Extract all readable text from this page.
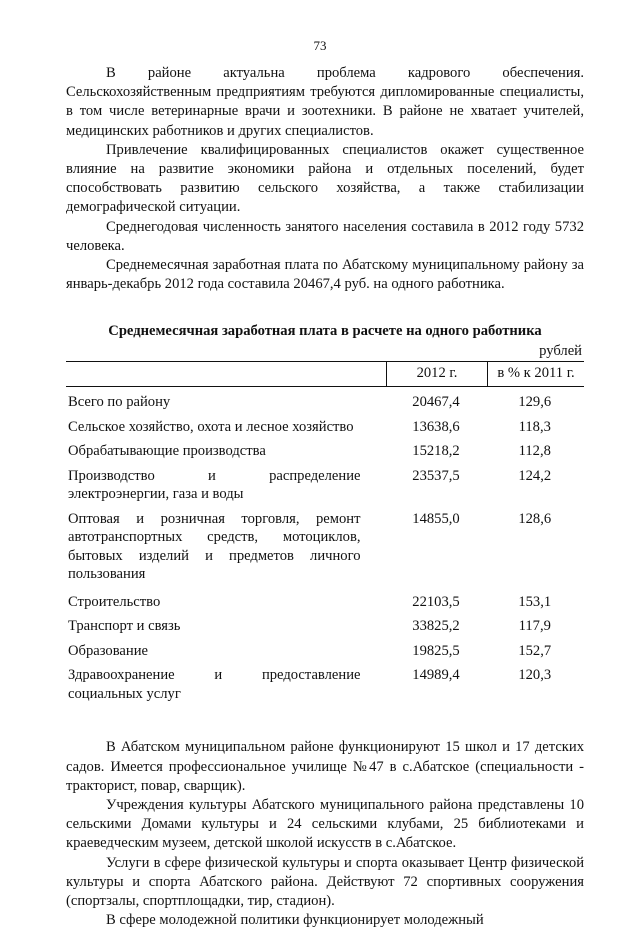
73

В районе актуальна проблема кадрового обеспечения. Сельскохозяйственным предприятиям требуются дипломированные специалисты, в том числе ветеринарные врачи и зоотехники. В районе не хватает учителей, медицинских работников и других специалистов.

Привлечение квалифицированных специалистов окажет существенное влияние на развитие экономики района и отдельных поселений, будет способствовать развитию сельского хозяйства, а также стабилизации демографической ситуации.

Среднегодовая численность занятого населения составила в 2012 году 5732 человека.

Среднемесячная заработная плата по Абатскому муниципальному району за январь-декабрь 2012 года составила 20467,4 руб. на одного работника.

Среднемесячная заработная плата в расчете на одного работника

рублей

	2012 г.	в % к 2011 г.
Всего по району	20467,4	129,6
Сельское хозяйство, охота и лесное хозяйство	13638,6	118,3
Обрабатывающие производства	15218,2	112,8
Производство и распределение электроэнергии, газа и воды	23537,5	124,2
Оптовая и розничная торговля, ремонт автотранспортных средств, мотоциклов, бытовых изделий и предметов личного пользования	14855,0	128,6
Строительство	22103,5	153,1
Транспорт и связь	33825,2	117,9
Образование	19825,5	152,7
Здравоохранение и предоставление социальных услуг	14989,4	120,3

В Абатском муниципальном районе функционируют 15 школ и 17 детских садов. Имеется профессиональное училище №47 в с.Абатское (специальности - тракторист, повар, сварщик).

Учреждения культуры Абатского муниципального района представлены 10 сельскими Домами культуры и 24 сельскими клубами, 25 библиотеками и краеведческим музеем, детской школой искусств в с.Абатское.

Услуги в сфере физической культуры и спорта оказывает Центр физической культуры и спорта Абатского района. Действуют 72 спортивных сооружения (спортзалы, спортплощадки, тир, стадион).

В сфере молодежной политики функционирует молодежный
